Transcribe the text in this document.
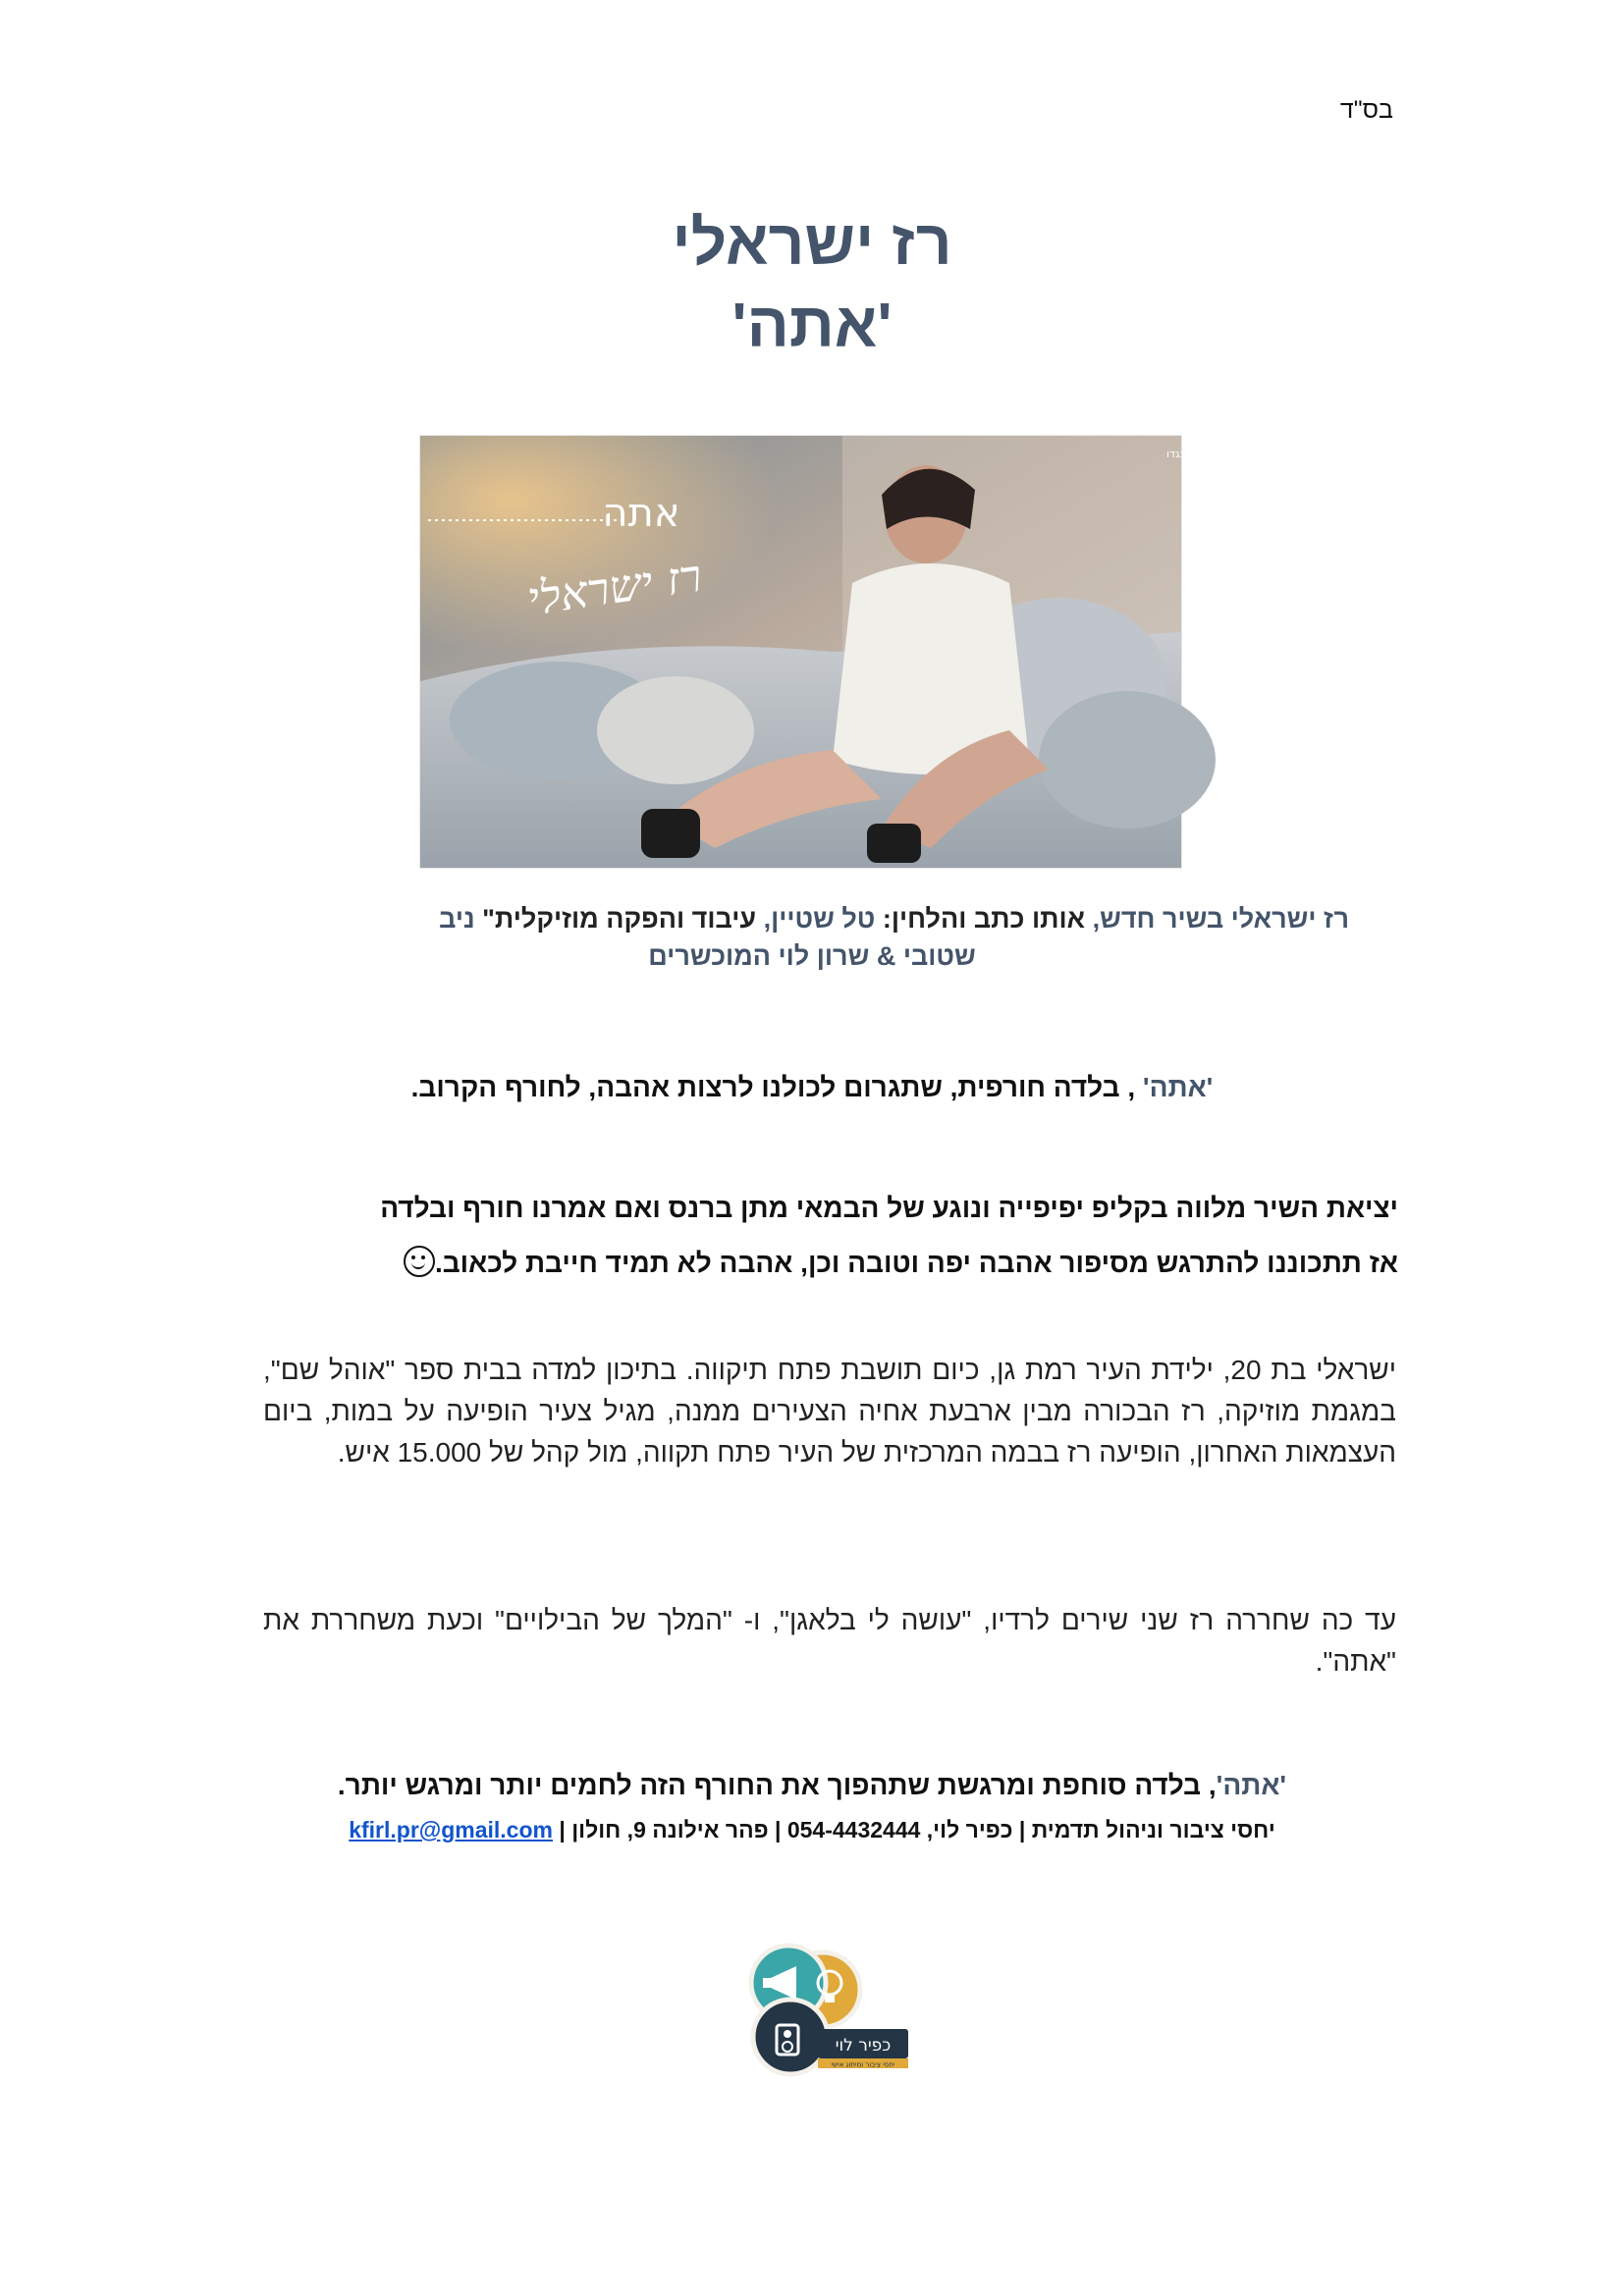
בס"ד
רז ישראלי
'אתה'
אתה
רז ישראלי
נגדו
רז ישראלי בשיר חדש, אותו כתב והלחין: טל שטיין, עיבוד והפקה מוזיקלית" ניב
שטובי & שרון לוי המוכשרים
'אתה' , בלדה חורפית, שתגרום לכולנו לרצות אהבה, לחורף הקרוב.
יציאת השיר מלווה בקליפ יפיפייה ונוגע של הבמאי מתן ברנס ואם אמרנו חורף ובלדה
אז תתכוננו להתרגש מסיפור אהבה יפה וטובה וכן, אהבה לא תמיד חייבת לכאוב.
ישראלי בת 20, ילידת העיר רמת גן, כיום תושבת פתח תיקווה. בתיכון למדה בבית ספר "אוהל שם", במגמת מוזיקה, רז הבכורה מבין ארבעת אחיה הצעירים ממנה, מגיל צעיר הופיעה על במות, ביום העצמאות האחרון, הופיעה רז בבמה המרכזית של העיר פתח תקווה, מול קהל של 15.000 איש.
עד כה שחררה רז שני שירים לרדיו, "עושה לי בלאגן", ו- "המלך של הבילויים" וכעת משחררת את "אתה".
'אתה', בלדה סוחפת ומרגשת שתהפוך את החורף הזה לחמים יותר ומרגש יותר.
יחסי ציבור וניהול תדמית | כפיר לוי, 054-4432444 | פהר אילונה 9, חולון | kfirl.pr@gmail.com
כפיר לוי
יחסי ציבור ומיתוג אישי
